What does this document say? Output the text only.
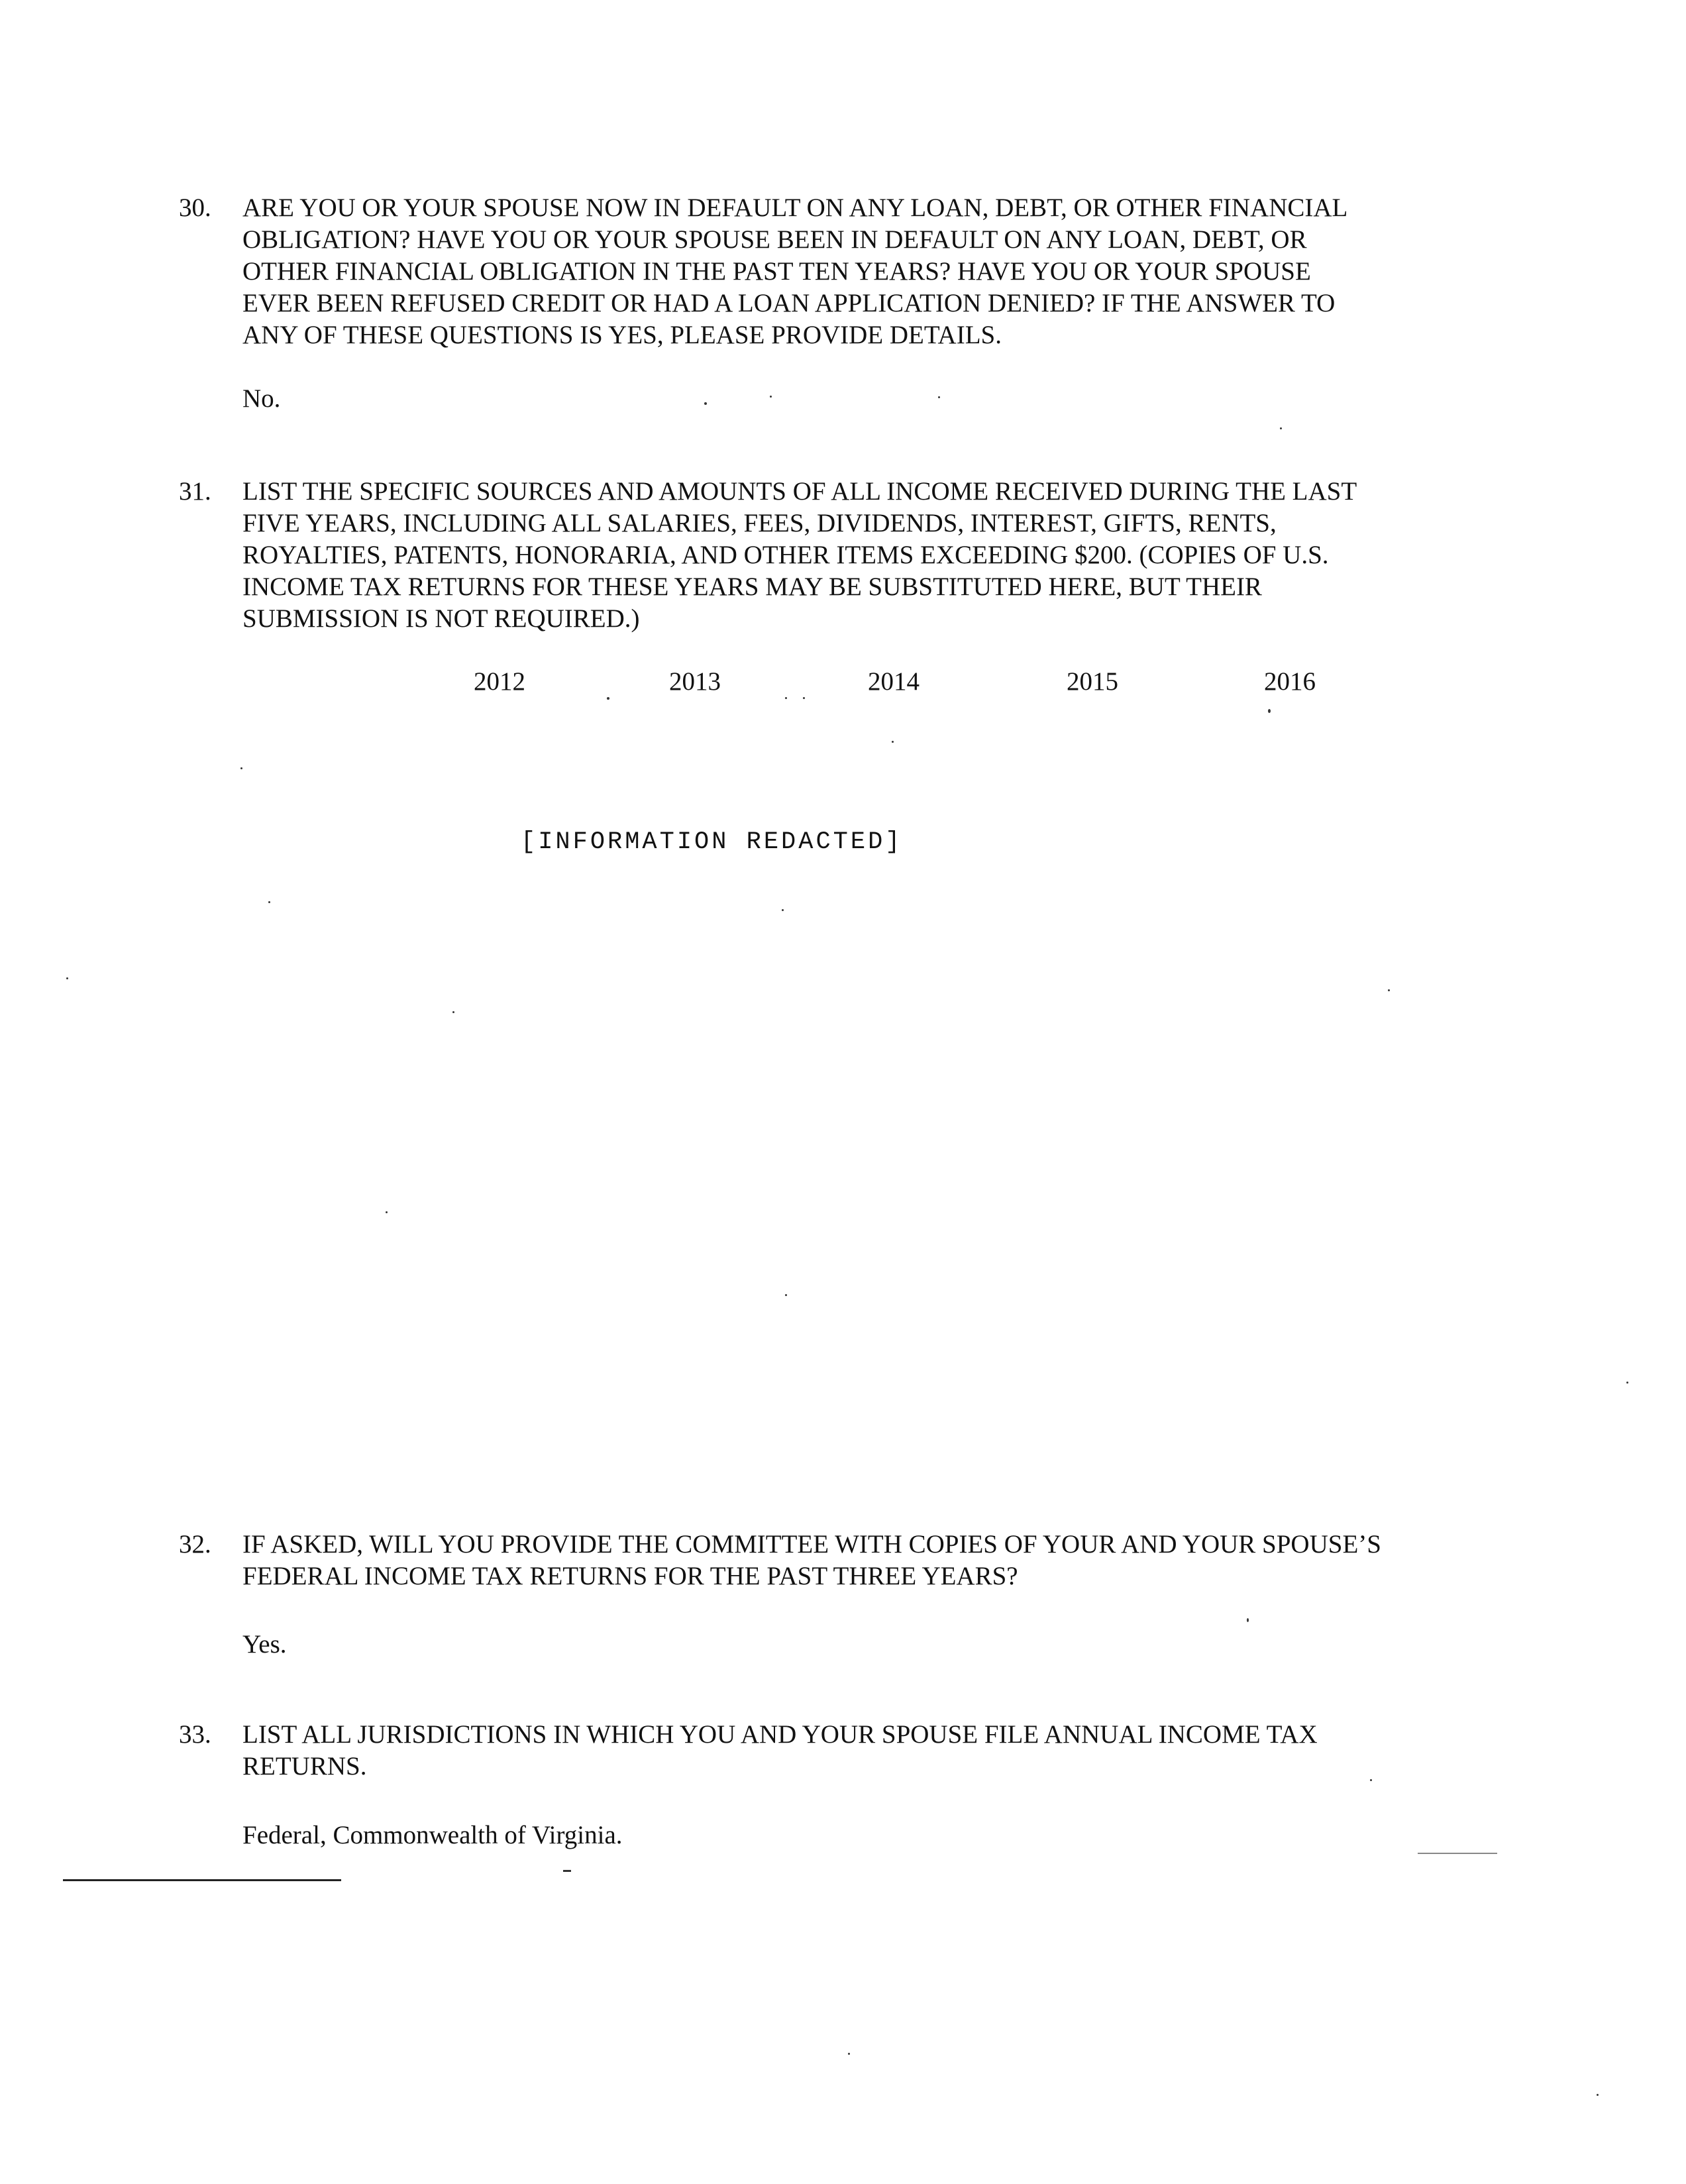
30.	ARE YOU OR YOUR SPOUSE NOW IN DEFAULT ON ANY LOAN, DEBT, OR OTHER FINANCIAL
OBLIGATION? HAVE YOU OR YOUR SPOUSE BEEN IN DEFAULT ON ANY LOAN, DEBT, OR
OTHER FINANCIAL OBLIGATION IN THE PAST TEN YEARS? HAVE YOU OR YOUR SPOUSE
EVER BEEN REFUSED CREDIT OR HAD A LOAN APPLICATION DENIED? IF THE ANSWER TO
ANY OF THESE QUESTIONS IS YES, PLEASE PROVIDE DETAILS.
No.
31.	LIST THE SPECIFIC SOURCES AND AMOUNTS OF ALL INCOME RECEIVED DURING THE LAST
FIVE YEARS, INCLUDING ALL SALARIES, FEES, DIVIDENDS, INTEREST, GIFTS, RENTS,
ROYALTIES, PATENTS, HONORARIA, AND OTHER ITEMS EXCEEDING $200. (COPIES OF U.S.
INCOME TAX RETURNS FOR THESE YEARS MAY BE SUBSTITUTED HERE, BUT THEIR
SUBMISSION IS NOT REQUIRED.)
2012	2013	2014	2015	2016
[INFORMATION REDACTED]
32.	IF ASKED, WILL YOU PROVIDE THE COMMITTEE WITH COPIES OF YOUR AND YOUR SPOUSE’S
FEDERAL INCOME TAX RETURNS FOR THE PAST THREE YEARS?
Yes.
33.	LIST ALL JURISDICTIONS IN WHICH YOU AND YOUR SPOUSE FILE ANNUAL INCOME TAX
RETURNS.
Federal, Commonwealth of Virginia.
